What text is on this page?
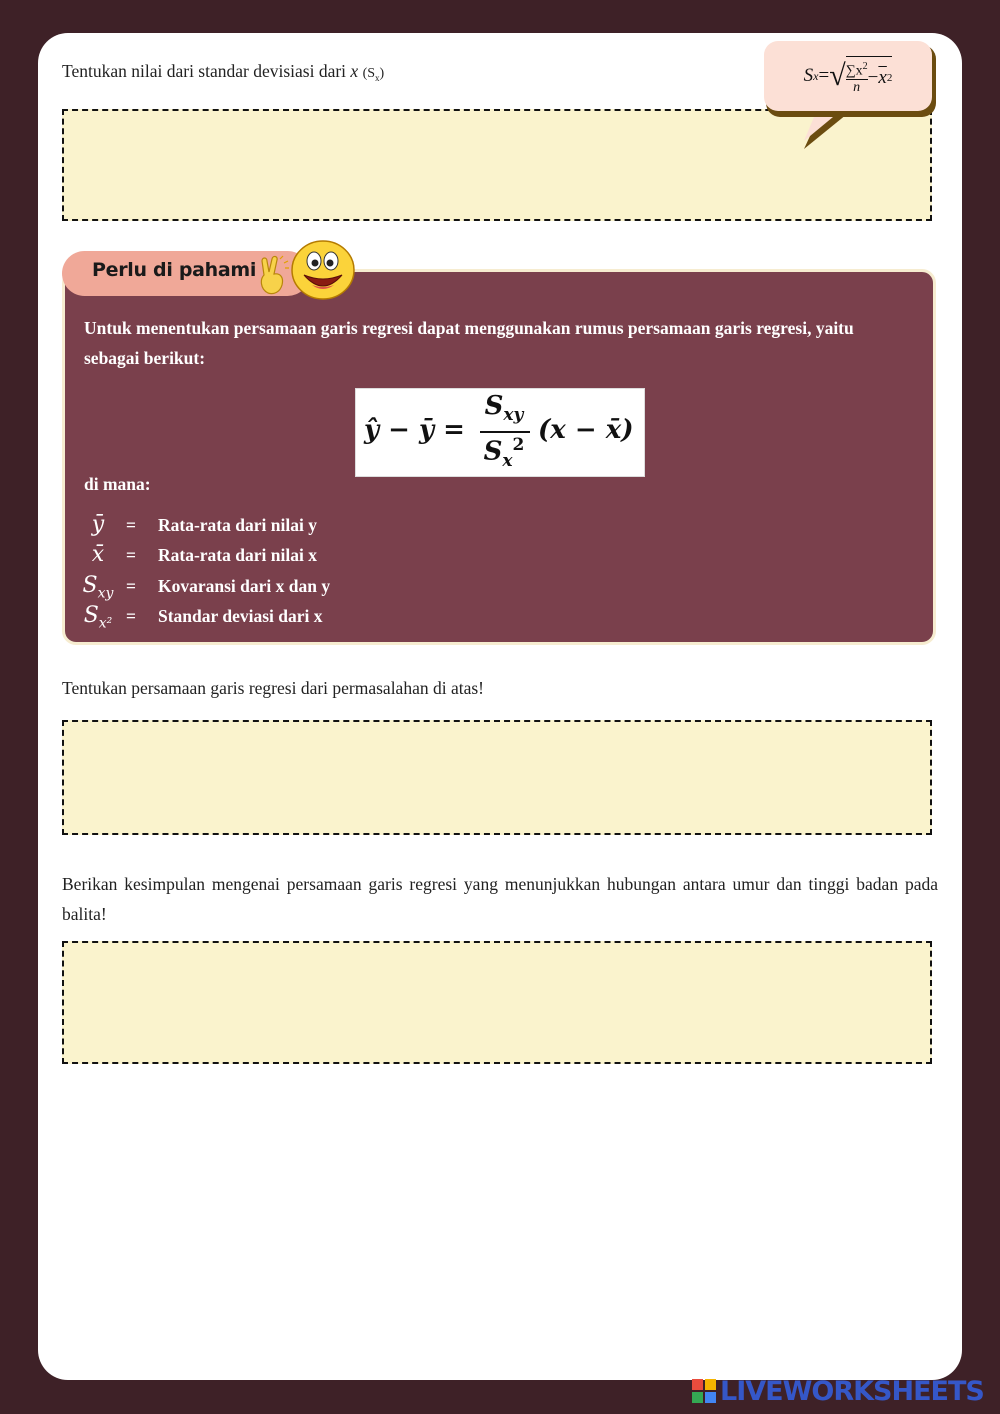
Tentukan nilai dari standar devisiasi dari x $(S_x)$	S x = √ $\sum x^2$
n
− $\overline{x}$ 2
Perlu di pahami
Untuk menentukan persamaan garis regresi dapat menggunakan rumus persamaan garis regresi, yaitu sebagai berikut:
ŷ − ȳ =
$S_{xy}$
$S_x^2$ (x − x̄)
di mana:
ȳ	= Rata-rata dari nilai y
x̄	= Rata-rata dari nilai x
$S_{xy}$ = Kovaransi dari x dan y
$S_{x^2}$ = Standar deviasi dari x
Tentukan persamaan garis regresi dari permasalahan di atas!
Berikan kesimpulan mengenai persamaan garis regresi yang menunjukkan hubungan antara umur dan tinggi badan pada balita!
LIVEWORKSHEETS
